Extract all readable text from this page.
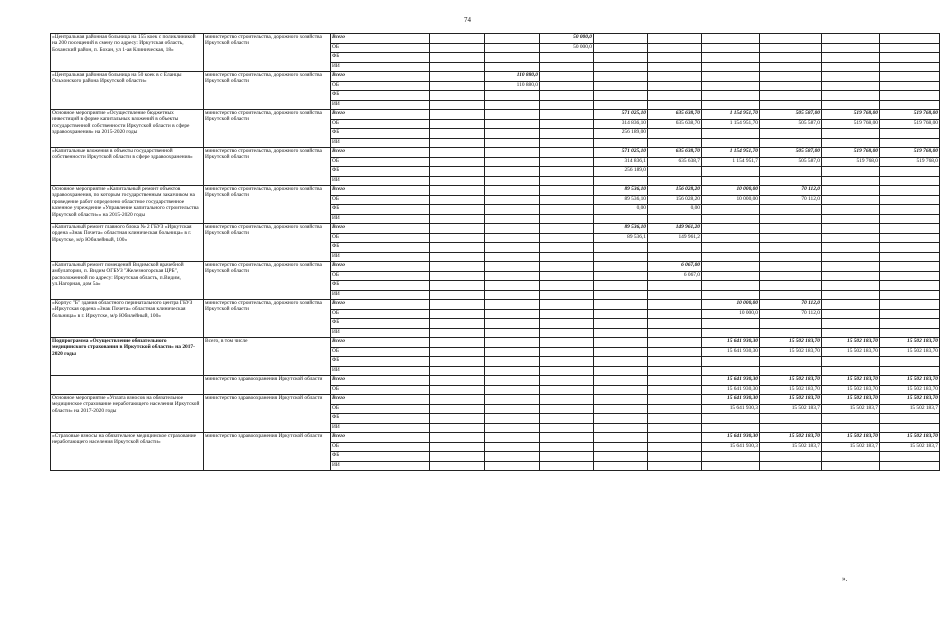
74
«Центральная районная больница на 155 коек с поликлиникой на 200 посещений в смену по адресу: Иркутская область, Боханский район, п. Бохан, ул 1-ая Клиническая, 18»	министерство строительства, дорожного хозяйства Иркутской области	Всего			50 000,0						
		ОБ			50 000,0						
		ФБ									
		ИИ									
«Центральная районная больница на 50 коек в с Еланцы Ольхонского района Иркутской области»	министерство строительства, дорожного хозяйства Иркутской области	Всего		110 880,0							
		ОБ		110 880,0							
		ФБ									
		ИИ									
Основное мероприятие «Осуществление бюджетных инвестиций в форме капитальных вложений в объекты государственной собственности Иркутской области в сфере здравоохранения» на 2015-2020 годы	министерство строительства, дорожного хозяйства Иркутской области	Всего				571 025,10	635 638,70	1 154 951,70	505 587,00	519 768,00	519 768,00
		ОБ				314 836,10	635 638,70	1 154 951,70	505 587,0	519 768,00	519 768,00
		ФБ				256 189,00					
		ИИ									
«Капитальные вложения в объекты государственной собственности Иркутской области в сфере здравоохранения»	министерство строительства, дорожного хозяйства Иркутской области	Всего				571 025,10	635 638,70	1 154 951,70	505 587,00	519 768,00	519 768,00
		ОБ				314 836,1	635 638,7	1 154 951,7	505 587,0	519 768,0	519 768,0
		ФБ				256 189,0					
		ИИ									
Основное мероприятие «Капитальный ремонт объектов здравоохранения, по которым государственным заказчиком на проведение работ определено областное государственное казенное учреждение «Управление капитального строительства Иркутской области»» на 2015-2020 годы	министерство строительства, дорожного хозяйства Иркутской области	Всего				89 536,10	156 028,20	10 000,00	70 112,0		
		ОБ				89 536,10	156 028,20	10 000,00	70 112,0		
		ФБ				0,00	0,00				
		ИИ									
«Капитальный ремонт главного блока № 2 ГБУЗ «Иркутская ордена «Знак Почета» областная клиническая больница» в г. Иркутске, м/р Юбилейный, 100»	министерство строительства, дорожного хозяйства Иркутской области	Всего				89 536,10	149 961,20				
		ОБ				89 536,1	149 961,2				
		ФБ									
		ИИ									
«Капитальный ремонт помещений Видимской врачебной амбулатории, п. Видим ОГБУЗ "Железногорская ЦРБ", расположенной по адресу: Иркутская область, п.Видим, ул.Нагорная, дом 5а»	министерство строительства, дорожного хозяйства Иркутской области	Всего					6 067,00				
		ОБ					6 067,0				
		ФБ									
		ИИ									
«Корпус "Б" здания областного перинатального центра ГБУЗ «Иркутская ордена «Знак Почета» областная клиническая больница» в г. Иркутске, м/р Юбилейный, 100»	министерство строительства, дорожного хозяйства Иркутской области	Всего						10 000,00	70 112,0		
		ОБ						10 000,0	70 112,0		
		ФБ									
		ИИ									
Подпрограмма «Осуществление обязательного медицинского страхования в Иркутской области» на 2017-2020 годы	Всего, в том числе	Всего						15 641 930,30	15 502 183,70	15 502 183,70	15 502 183,70
		ОБ						15 641 930,30	15 502 183,70	15 502 183,70	15 502 183,70
		ФБ									
		ИИ									
	министерство здравоохранения Иркутской области	Всего						15 641 930,30	15 502 183,70	15 502 183,70	15 502 183,70
		ОБ						15 641 930,30	15 502 183,70	15 502 183,70	15 502 183,70
Основное мероприятие «Уплата взносов на обязательное медицинское страхование неработающего населения Иркутской области» на 2017-2020 годы	министерство здравоохранения Иркутской области	Всего						15 641 930,30	15 502 183,70	15 502 183,70	15 502 183,70
		ОБ						15 641 930,3	15 502 183,7	15 502 183,7	15 502 183,7
		ФБ									
		ИИ									
«Страховые взносы на обязательное медицинское страхование неработающего населения Иркутской области»	министерство здравоохранения Иркутской области	Всего						15 641 930,30	15 502 183,70	15 502 183,70	15 502 183,70
		ОБ						15 641 930,3	15 502 183,7	15 502 183,7	15 502 183,7
		ФБ									
		ИИ									
».
